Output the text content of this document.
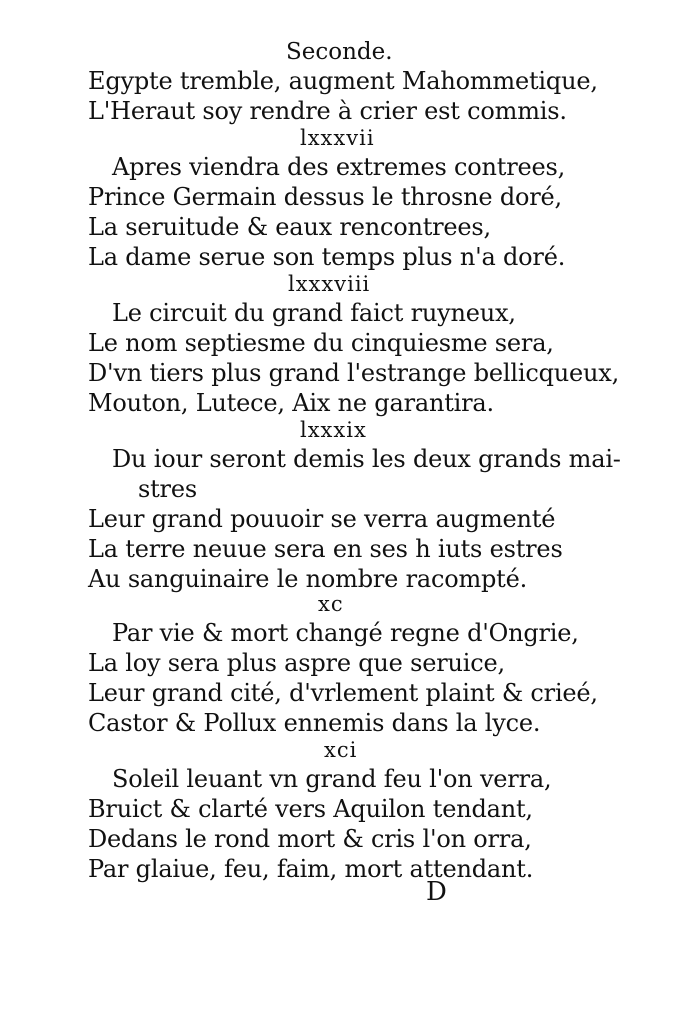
Seconde.
Egypte tremble, augment Mahommetique,
L'Heraut soy rendre à crier est commis.
lxxxvii
Apres viendra des extremes contrees,
Prince Germain dessus le throsne doré,
La seruitude & eaux rencontrees,
La dame serue son temps plus n'a doré.
lxxxviii
Le circuit du grand faict ruyneux,
Le nom septiesme du cinquiesme sera,
D'vn tiers plus grand l'estrange bellicqueux,
Mouton, Lutece, Aix ne garantira.
lxxxix
Du iour seront demis les deux grands mai-
stres
Leur grand pouuoir se verra augmenté
La terre neuue sera en ses h iuts estres
Au sanguinaire le nombre racompté.
xc
Par vie & mort changé regne d'Ongrie,
La loy sera plus aspre que seruice,
Leur grand cité, d'vrlement plaint & crieé,
Castor & Pollux ennemis dans la lyce.
xci
Soleil leuant vn grand feu l'on verra,
Bruict & clarté vers Aquilon tendant,
Dedans le rond mort & cris l'on orra,
Par glaiue, feu, faim, mort attendant.
D
